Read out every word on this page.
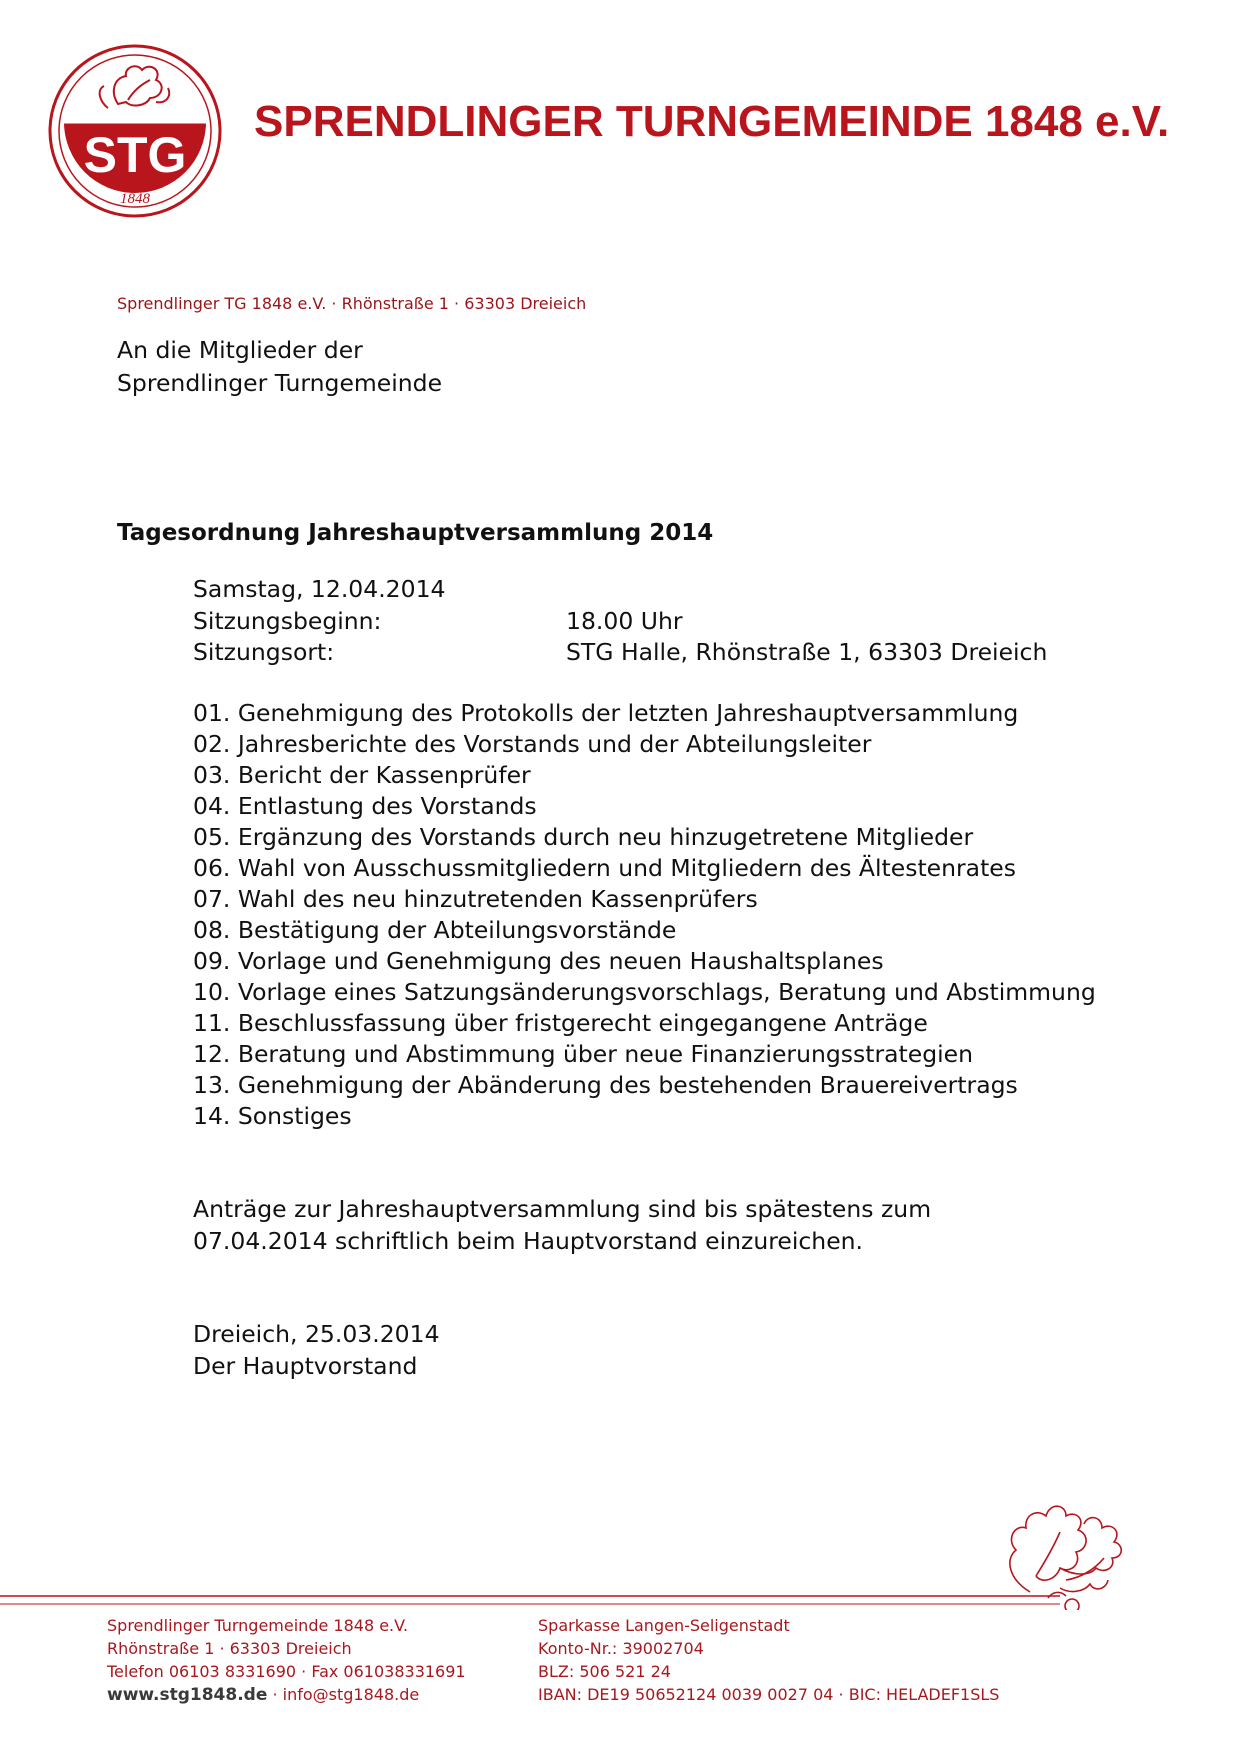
STG
1848
SPRENDLINGER TURNGEMEINDE 1848 e.V.
Sprendlinger TG 1848 e.V. · Rhönstraße 1 · 63303 Dreieich
An die Mitglieder der
Sprendlinger Turngemeinde
Tagesordnung Jahreshauptversammlung 2014
Samstag, 12.04.2014
Sitzungsbeginn:	18.00 Uhr
Sitzungsort:	STG Halle, Rhönstraße 1, 63303 Dreieich
01. Genehmigung des Protokolls der letzten Jahreshauptversammlung
02. Jahresberichte des Vorstands und der Abteilungsleiter
03. Bericht der Kassenprüfer
04. Entlastung des Vorstands
05. Ergänzung des Vorstands durch neu hinzugetretene Mitglieder
06. Wahl von Ausschussmitgliedern und Mitgliedern des Ältestenrates
07. Wahl des neu hinzutretenden Kassenprüfers
08. Bestätigung der Abteilungsvorstände
09. Vorlage und Genehmigung des neuen Haushaltsplanes
10. Vorlage eines Satzungsänderungsvorschlags, Beratung und Abstimmung
11. Beschlussfassung über fristgerecht eingegangene Anträge
12. Beratung und Abstimmung über neue Finanzierungsstrategien
13. Genehmigung der Abänderung des bestehenden Brauereivertrags
14. Sonstiges
Anträge zur Jahreshauptversammlung sind bis spätestens zum
07.04.2014 schriftlich beim Hauptvorstand einzureichen.
Dreieich, 25.03.2014
Der Hauptvorstand
Sprendlinger Turngemeinde 1848 e.V.
Rhönstraße 1 · 63303 Dreieich
Telefon 06103 8331690 · Fax 061038331691
www.stg1848.de · info@stg1848.de
Sparkasse Langen-Seligenstadt
Konto-Nr.: 39002704
BLZ: 506 521 24
IBAN: DE19 50652124 0039 0027 04 · BIC: HELADEF1SLS
